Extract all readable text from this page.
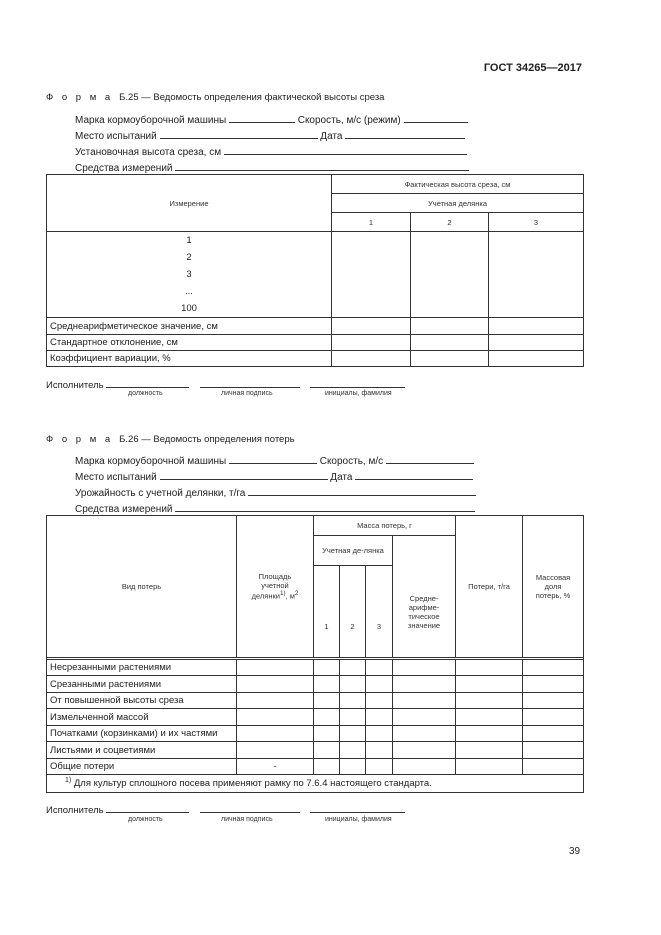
ГОСТ 34265—2017
Ф о р м а Б.25 — Ведомость определения фактической высоты среза
Марка кормоуборочной машины	Скорость, м/с (режим)
Место испытаний	Дата
Установочная высота среза, см
Средства измерений
Измерение	Фактическая высота среза, см		
	Учетная делянка		
	1	2	3

1
2
3
...
100			

Среднеарифметическое значение, см			
Стандартное отклонение, см			
Коэффициент вариации, %			
Исполнитель
должность	личная подпись	инициалы, фамилия
Ф о р м а Б.26 — Ведомость определения потерь
Марка кормоуборочной машины	Скорость, м/с
Место испытаний	Дата
Урожайность с учетной делянки, т/га
Средства измерений
Вид потерь	Площадь учетной делянки$^{1)}$, $м^2$	Масса потерь, г				Потери, т/га	Массовая доля потерь, %
		Учетная де-лянка			Средне-арифме-тическое значение		
		1	2	3			

Несрезанными растениями							
Срезанными растениями							
От повышенной высоты среза							
Измельченной массой							
Початками (корзинками) и их частями							
Листьями и соцветиями							
Общие потери	-						
$^{1)}$ Для культур сплошного посева применяют рамку по 7.6.4 настоящего стандарта.							
Исполнитель
должность	личная подпись	инициалы, фамилия
39
